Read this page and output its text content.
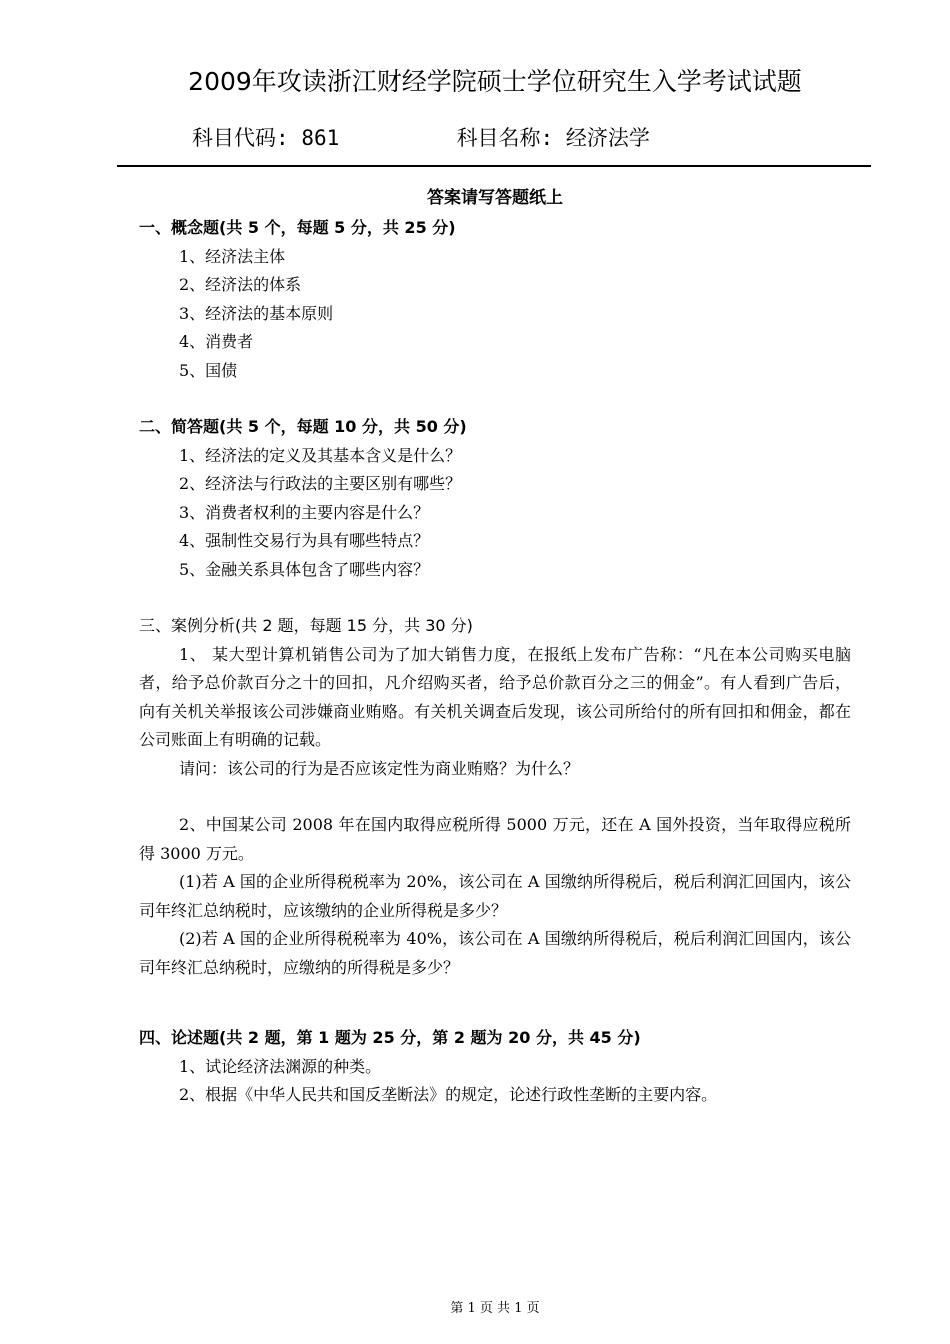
2009年攻读浙江财经学院硕士学位研究生入学考试试题
科目代码: 861	科目名称: 经济法学
答案请写答题纸上
一、概念题(共 5 个，每题 5 分，共 25 分)
1、经济法主体
2、经济法的体系
3、经济法的基本原则
4、消费者
5、国债
二、简答题(共 5 个，每题 10 分，共 50 分)
1、经济法的定义及其基本含义是什么？
2、经济法与行政法的主要区别有哪些？
3、消费者权利的主要内容是什么？
4、强制性交易行为具有哪些特点？
5、金融关系具体包含了哪些内容？
三、案例分析(共 2 题，每题 15 分，共 30 分)
1、 某大型计算机销售公司为了加大销售力度，在报纸上发布广告称：“凡在本公司购买电脑者，给予总价款百分之十的回扣，凡介绍购买者，给予总价款百分之三的佣金”。有人看到广告后，向有关机关举报该公司涉嫌商业贿赂。有关机关调查后发现，该公司所给付的所有回扣和佣金，都在公司账面上有明确的记载。
请问：该公司的行为是否应该定性为商业贿赂？为什么？
2、中国某公司 2008 年在国内取得应税所得 5000 万元，还在 A 国外投资，当年取得应税所得 3000 万元。
(1)若 A 国的企业所得税税率为 20%，该公司在 A 国缴纳所得税后，税后利润汇回国内，该公司年终汇总纳税时，应该缴纳的企业所得税是多少？
(2)若 A 国的企业所得税税率为 40%，该公司在 A 国缴纳所得税后，税后利润汇回国内，该公司年终汇总纳税时，应缴纳的所得税是多少？
四、论述题(共 2 题，第 1 题为 25 分，第 2 题为 20 分，共 45 分)
1、试论经济法渊源的种类。
2、根据《中华人民共和国反垄断法》的规定，论述行政性垄断的主要内容。
第 1 页 共 1 页
